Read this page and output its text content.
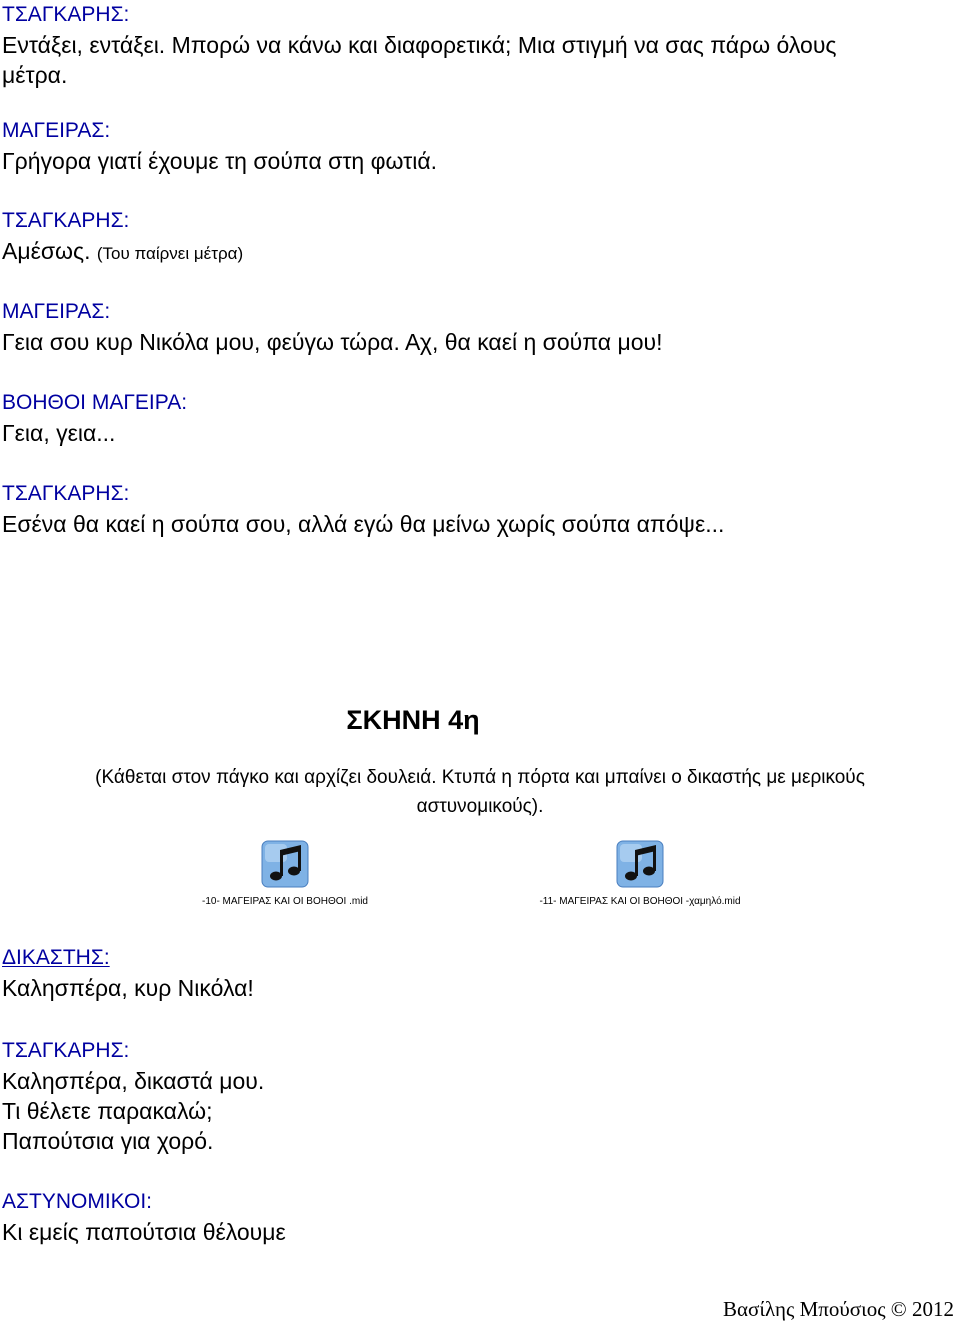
ΤΣΑΓΚΑΡΗΣ:
Εντάξει, εντάξει. Μπορώ να κάνω και διαφορετικά; Μια στιγμή να σας πάρω όλους
μέτρα.
ΜΑΓΕΙΡΑΣ:
Γρήγορα γιατί έχουμε τη σούπα στη φωτιά.
ΤΣΑΓΚΑΡΗΣ:
Αμέσως. (Του παίρνει μέτρα)
ΜΑΓΕΙΡΑΣ:
Γεια σου κυρ Νικόλα μου, φεύγω τώρα. Αχ, θα καεί η σούπα μου!
ΒΟΗΘΟΙ ΜΑΓΕΙΡΑ:
Γεια, γεια...
ΤΣΑΓΚΑΡΗΣ:
Εσένα θα καεί η σούπα σου, αλλά εγώ θα μείνω χωρίς σούπα απόψε...
ΣΚΗΝΗ 4η
(Κάθεται στον πάγκο και αρχίζει δουλειά. Κτυπά η πόρτα και μπαίνει ο δικαστής με μερικούς
αστυνομικούς).
-10- ΜΑΓΕΙΡΑΣ ΚΑΙ ΟΙ ΒΟΗΘΟΙ .mid	-11- ΜΑΓΕΙΡΑΣ ΚΑΙ ΟΙ ΒΟΗΘΟΙ -χαμηλό.mid
ΔΙΚΑΣΤΗΣ:
Καλησπέρα, κυρ Νικόλα!
ΤΣΑΓΚΑΡΗΣ:
Καλησπέρα, δικαστά μου.
Τι θέλετε παρακαλώ;
Παπούτσια για χορό.
ΑΣΤΥΝΟΜΙΚΟΙ:
Κι εμείς παπούτσια θέλουμε
Βασίλης Μπούσιος © 2012
